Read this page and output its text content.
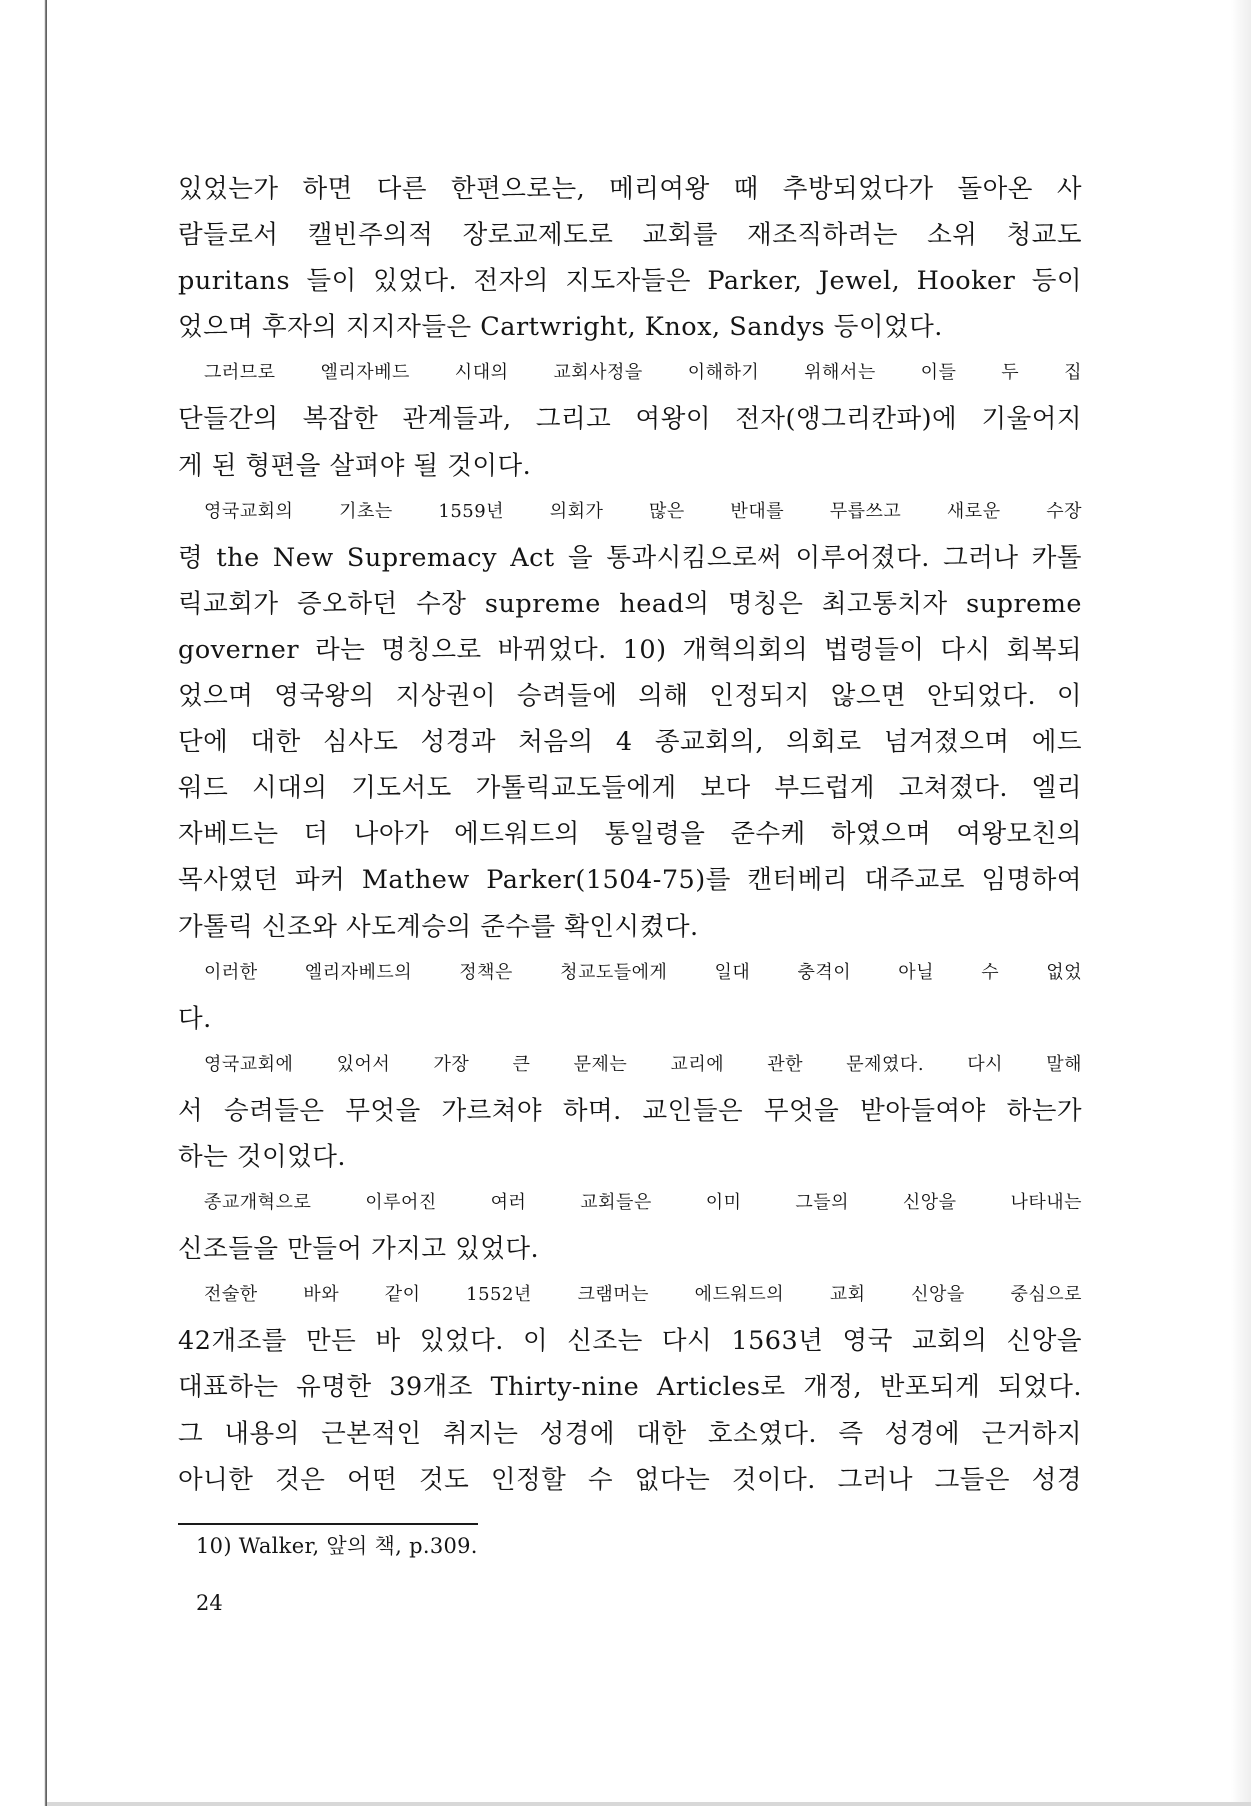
있었는가 하면 다른 한편으로는, 메리여왕 때 추방되었다가 돌아온 사
람들로서 캘빈주의적 장로교제도로 교회를 재조직하려는 소위 청교도
puritans 들이 있었다. 전자의 지도자들은 Parker, Jewel, Hooker 등이
었으며 후자의 지지자들은 Cartwright, Knox, Sandys 등이었다.
그러므로 엘리자베드 시대의 교회사정을 이해하기 위해서는 이들 두 집
단들간의 복잡한 관계들과, 그리고 여왕이 전자(앵그리칸파)에 기울어지
게 된 형편을 살펴야 될 것이다.
영국교회의 기초는 1559년 의회가 많은 반대를 무릅쓰고 새로운 수장
령 the New Supremacy Act 을 통과시킴으로써 이루어졌다. 그러나 카톨
릭교회가 증오하던 수장 supreme head의 명칭은 최고통치자 supreme
governer 라는 명칭으로 바뀌었다. 10) 개혁의회의 법령들이 다시 회복되
었으며 영국왕의 지상권이 승려들에 의해 인정되지 않으면 안되었다. 이
단에 대한 심사도 성경과 처음의 4 종교회의, 의회로 넘겨졌으며 에드
워드 시대의 기도서도 가톨릭교도들에게 보다 부드럽게 고쳐졌다. 엘리
자베드는 더 나아가 에드워드의 통일령을 준수케 하였으며 여왕모친의
목사였던 파커 Mathew Parker(1504-75)를 캔터베리 대주교로 임명하여
가톨릭 신조와 사도계승의 준수를 확인시켰다.
이러한 엘리자베드의 정책은 청교도들에게 일대 충격이 아닐 수 없었
다.
영국교회에 있어서 가장 큰 문제는 교리에 관한 문제였다. 다시 말해
서 승려들은 무엇을 가르쳐야 하며. 교인들은 무엇을 받아들여야 하는가
하는 것이었다.
종교개혁으로 이루어진 여러 교회들은 이미 그들의 신앙을 나타내는
신조들을 만들어 가지고 있었다.
전술한 바와 같이 1552년 크램머는 에드워드의 교회 신앙을 중심으로
42개조를 만든 바 있었다. 이 신조는 다시 1563년 영국 교회의 신앙을
대표하는 유명한 39개조 Thirty-nine Articles로 개정, 반포되게 되었다.
그 내용의 근본적인 취지는 성경에 대한 호소였다. 즉 성경에 근거하지
아니한 것은 어떤 것도 인정할 수 없다는 것이다. 그러나 그들은 성경
10) Walker, 앞의 책, p.309.
24
